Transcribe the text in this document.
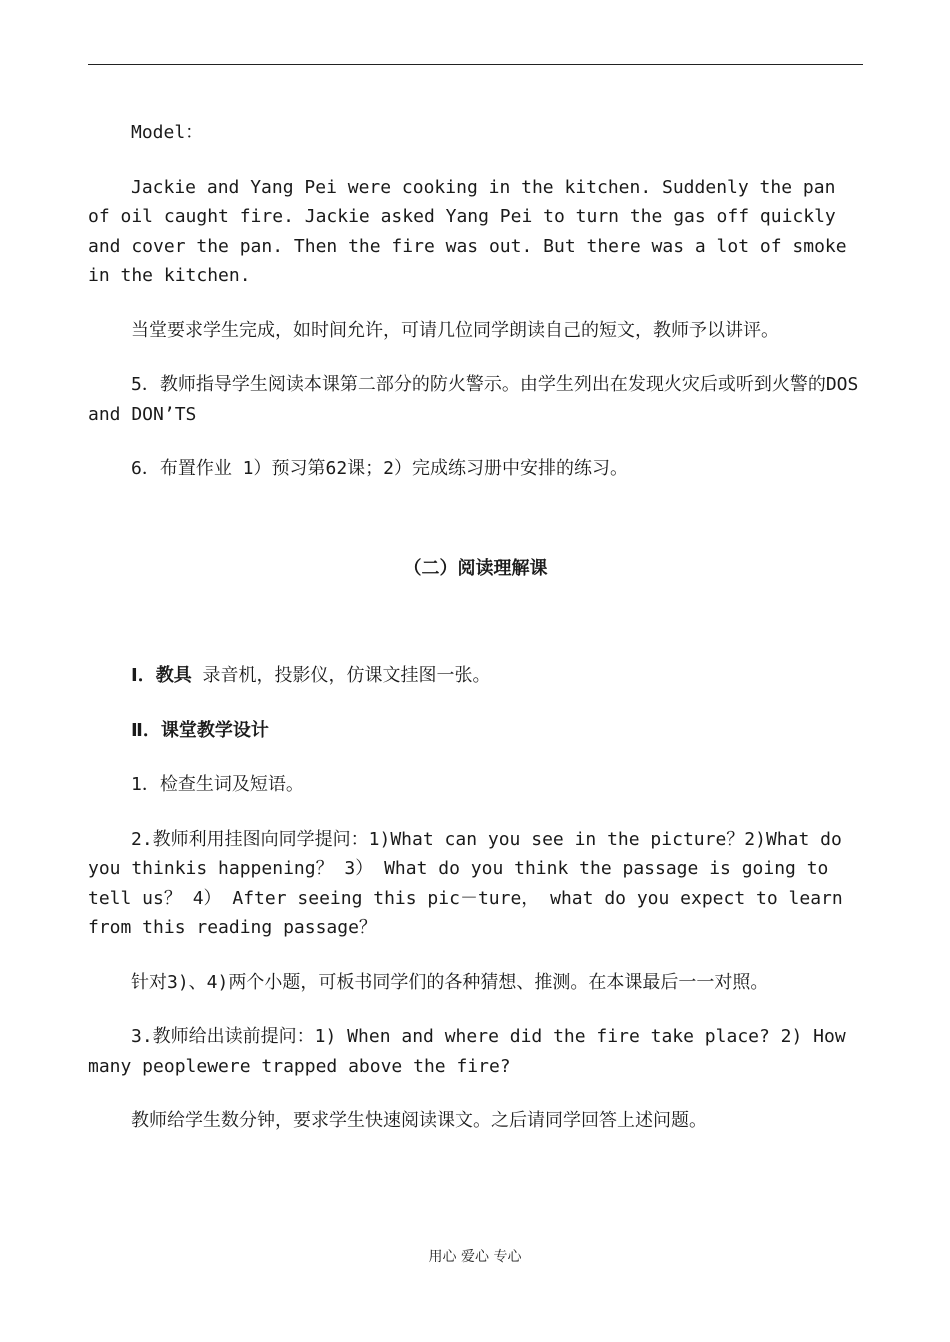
Model：

Jackie and Yang Pei were cooking in the kitchen. Suddenly the pan of oil caught fire. Jackie asked Yang Pei to turn the gas off quickly and cover the pan. Then the fire was out. But there was a lot of smoke in the kitchen.

当堂要求学生完成，如时间允许，可请几位同学朗读自己的短文，教师予以讲评。

5．教师指导学生阅读本课第二部分的防火警示。由学生列出在发现火灾后或听到火警的DOS and DON’TS

6．布置作业 1）预习第62课；2）完成练习册中安排的练习。

（二）阅读理解课

Ⅰ．教具 录音机，投影仪，仿课文挂图一张。

Ⅱ．课堂教学设计

1．检查生词及短语。

2.教师利用挂图向同学提问：1)What can you see in the picture？2)What do you thinkis happening？ 3） What do you think the passage is going to tell us？ 4） After seeing this pic－ture， what do you expect to learn from this reading passage？

针对3)、4)两个小题，可板书同学们的各种猜想、推测。在本课最后一一对照。

3.教师给出读前提问：1) When and where did the fire take place? 2) How many peoplewere trapped above the fire?

教师给学生数分钟，要求学生快速阅读课文。之后请同学回答上述问题。

用心 爱心 专心
